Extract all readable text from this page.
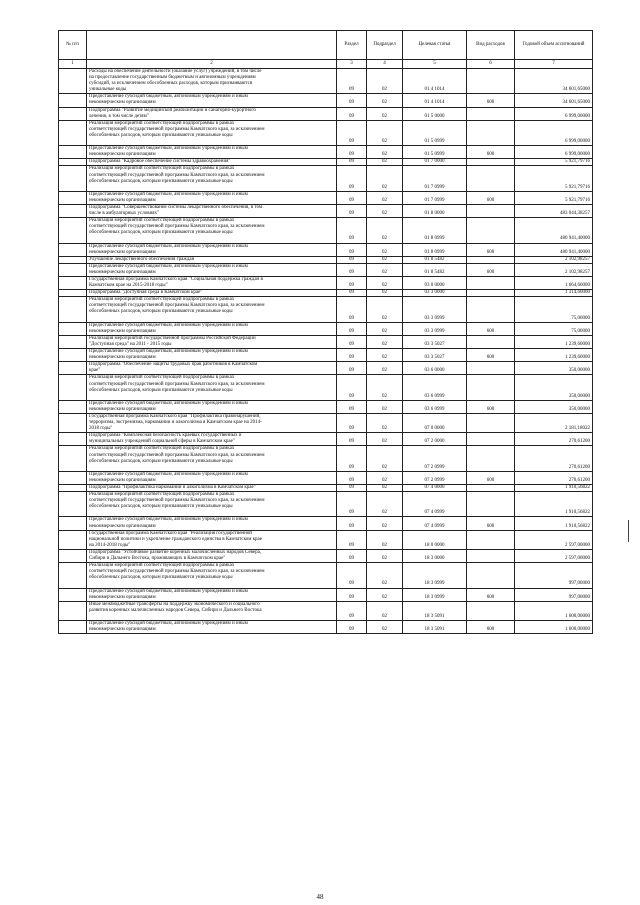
№ п/п		Раздел	Подраздел	Целевая статья	Вид расходов	Годовой объем ассигнований
1	2	3	4	5	6	7

	Расходы на обеспечение деятельности (оказание услуг) учреждений, в том числе
на предоставление государственным бюджетным и автономным учреждениям
субсидий, за исключением обособленных расходов, которым присваиваются
уникальные коды	09	02	01 4 1014		34 601,65000

	Предоставление субсидий бюджетным, автономным учреждениям и иным
некоммерческим организациям	09	02	01 4 1014	600	34 601,65000

	Подпрограмма "Развитие медицинской реабилитации и санаторно-курортного
лечения, в том числе детям"	09	02	01 5 0000		6 999,00000

	Реализация мероприятий соответствующей подпрограммы в рамках
соответствующей государственной программы Камчатского края, за исключением
обособленных расходов, которым присваиваются уникальные коды	09	02	01 5 0999		6 999,00000

	Предоставление субсидий бюджетным, автономным учреждениям и иным
некоммерческим организациям	09	02	01 5 0999	600	6 999,00000

	Подпрограмма "Кадровое обеспечение системы здравоохранения"	09	02	01 7 0000		5 921,79716

	Реализация мероприятий соответствующей подпрограммы в рамках
соответствующей государственной программы Камчатского края, за исключением
обособленных расходов, которым присваиваются уникальные коды	09	02	01 7 0999		5 921,79716

	Предоставление субсидий бюджетным, автономным учреждениям и иным
некоммерческим организациям	09	02	01 7 0999	600	5 921,79716

	Подпрограмма "Совершенствование системы лекарственного обеспечения, в том
числе в амбулаторных условиях"	09	02	01 8 0000		483 044,38257

	Реализация мероприятий соответствующей подпрограммы в рамках
соответствующей государственной программы Камчатского края, за исключением
обособленных расходов, которым присваиваются уникальные коды	09	02	01 8 0999		480 941,40000

	Предоставление субсидий бюджетным, автономным учреждениям и иным
некоммерческим организациям	09	02	01 8 0999	600	480 941,40000

	Улучшение лекарственного обеспечения граждан	09	02	01 8 5482		2 102,98257

	Предоставление субсидий бюджетным, автономным учреждениям и иным
некоммерческим организациям	09	02	01 8 5482	600	2 102,98257

	Государственная программа Камчатского края "Социальная поддержка граждан в
Камчатском крае на 2015-2018 годы"	09	02	03 0 0000		1 664,60000

	Подпрограмма "Доступная среда в Камчатском крае"	09	02	03 3 0000		1 314,60000

	Реализация мероприятий соответствующей подпрограммы в рамках
соответствующей государственной программы Камчатского края, за исключением
обособленных расходов, которым присваиваются уникальные коды	09	02	03 3 0999		75,00000

	Предоставление субсидий бюджетным, автономным учреждениям и иным
некоммерческим организациям	09	02	03 3 0999	600	75,00000

	Реализация мероприятий государственной программы Российской Федерации
"Доступная среда" на 2011 - 2015 годы	09	02	03 3 5027		1 239,60000

	Предоставление субсидий бюджетным, автономным учреждениям и иным
некоммерческим организациям	09	02	03 3 5027	600	1 239,60000

	Подпрограмма "Обеспечение защиты трудовых прав работников в Камчатском
крае"	09	02	03 6 0000		350,00000

	Реализация мероприятий соответствующей подпрограммы в рамках
соответствующей государственной программы Камчатского края, за исключением
обособленных расходов, которым присваиваются уникальные коды	09	02	03 6 0999		350,00000

	Предоставление субсидий бюджетным, автономным учреждениям и иным
некоммерческим организациям	09	02	03 6 0999	600	350,00000

	Государственная программа Камчатского края "Профилактика правонарушений,
терроризма, экстремизма, наркомании и алкоголизма в Камчатском крае на 2014-
2018 годы"	09	02	07 0 0000		2 181,18022

	Подпрограмма "Комплексная безопасность краевых государственных и
муниципальных учреждений социальной сферы в Камчатском крае"	09	02	07 2 0000		270,61200

	Реализация мероприятий соответствующей подпрограммы в рамках
соответствующей государственной программы Камчатского края, за исключением
обособленных расходов, которым присваиваются уникальные коды	09	02	07 2 0999		270,61200

	Предоставление субсидий бюджетным, автономным учреждениям и иным
некоммерческим организациям	09	02	07 2 0999	600	270,61200

	Подпрограмма "Профилактика наркомании и алкоголизма в Камчатском крае"	09	02	07 4 0000		1 910,56822

	Реализация мероприятий соответствующей подпрограммы в рамках
соответствующей государственной программы Камчатского края, за исключением
обособленных расходов, которым присваиваются уникальные коды	09	02	07 4 0999		1 910,56822

	Предоставление субсидий бюджетным, автономным учреждениям и иным
некоммерческим организациям	09	02	07 4 0999	600	1 910,56822

	Государственная программа Камчатского края "Реализация государственной
национальной политики и укрепление гражданского единства в Камчатском крае
на 2014-2018 годы"	09	02	18 0 0000		2 597,00000

	Подпрограмма "Устойчивое развитие коренных малочисленных народов Севера,
Сибири и Дальнего Востока, проживающих в Камчатском крае"	09	02	18 3 0000		2 597,00000

	Реализация мероприятий соответствующей подпрограммы в рамках
соответствующей государственной программы Камчатского края, за исключением
обособленных расходов, которым присваиваются уникальные коды	09	02	18 3 0999		997,00000

	Предоставление субсидий бюджетным, автономным учреждениям и иным
некоммерческим организациям	09	02	18 3 0999	600	997,00000

	Иные межбюджетные трансферты на поддержку экономического и социального
развития коренных малочисленных народов Севера, Сибири и Дальнего Востока	09	02	18 3 5091		1 600,00000

	Предоставление субсидий бюджетным, автономным учреждениям и иным
некоммерческим организациям	09	02	18 3 5091	600	1 600,00000
48
